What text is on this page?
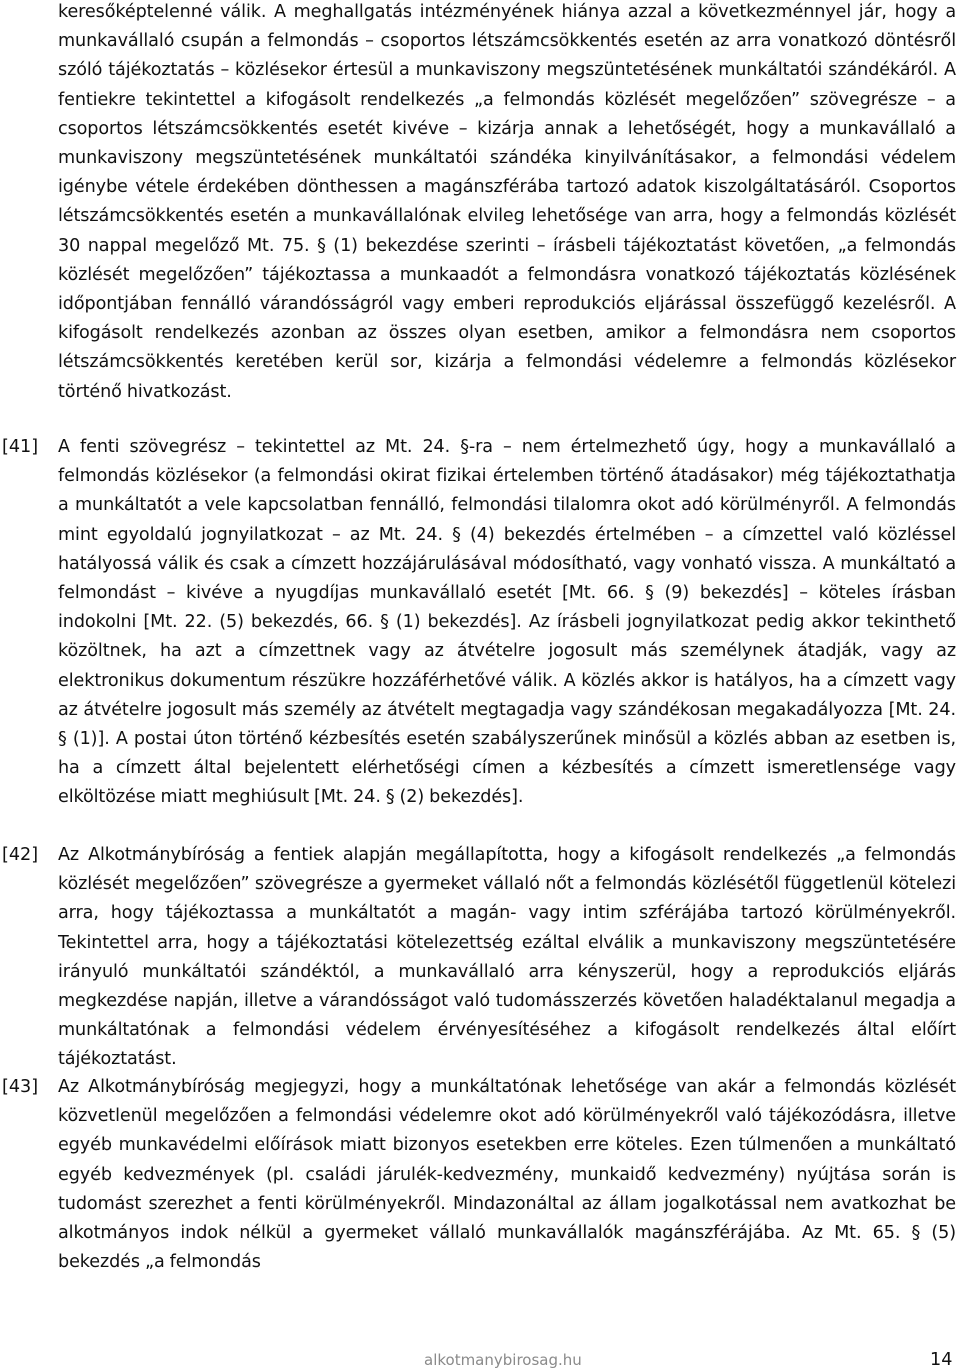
keresőképtelenné válik. A meghallgatás intézményének hiánya azzal a következménnyel jár, hogy a munkavállaló csupán a felmondás – csoportos létszámcsökkentés esetén az arra vonatkozó döntésről szóló tájékoztatás – közlésekor értesül a munkaviszony megszüntetésének munkáltatói szándékáról. A fentiekre tekintettel a kifogásolt rendelkezés „a felmondás közlését megelőzően” szövegrésze – a csoportos létszámcsökkentés esetét kivéve – kizárja annak a lehetőségét, hogy a munkavállaló a munkaviszony megszüntetésének munkáltatói szándéka kinyilvánításakor, a felmondási védelem igénybe vétele érdekében dönthessen a magánszférába tartozó adatok kiszolgáltatásáról. Csoportos létszámcsökkentés esetén a munkavállalónak elvileg lehetősége van arra, hogy a felmondás közlését 30 nappal megelőző Mt. 75. § (1) bekezdése szerinti – írásbeli tájékoztatást követően, „a felmondás közlését megelőzően” tájékoztassa a munkaadót a felmondásra vonatkozó tájékoztatás közlésének időpontjában fennálló várandósságról vagy emberi reprodukciós eljárással összefüggő kezelésről. A kifogásolt rendelkezés azonban az összes olyan esetben, amikor a felmondásra nem csoportos létszámcsökkentés keretében kerül sor, kizárja a felmondási védelemre a felmondás közlésekor történő hivatkozást.
[41] A fenti szövegrész – tekintettel az Mt. 24. §-ra – nem értelmezhető úgy, hogy a munkavállaló a felmondás közlésekor (a felmondási okirat fizikai értelemben történő átadásakor) még tájékoztathatja a munkáltatót a vele kapcsolatban fennálló, felmondási tilalomra okot adó körülményről. A felmondás mint egyoldalú jognyilatkozat – az Mt. 24. § (4) bekezdés értelmében – a címzettel való közléssel hatályossá válik és csak a címzett hozzájárulásával módosítható, vagy vonható vissza. A munkáltató a felmondást – kivéve a nyugdíjas munkavállaló esetét [Mt. 66. § (9) bekezdés] – köteles írásban indokolni [Mt. 22. (5) bekezdés, 66. § (1) bekezdés]. Az írásbeli jognyilatkozat pedig akkor tekinthető közöltnek, ha azt a címzettnek vagy az átvételre jogosult más személynek átadják, vagy az elektronikus dokumentum részükre hozzáférhetővé válik. A közlés akkor is hatályos, ha a címzett vagy az átvételre jogosult más személy az átvételt megtagadja vagy szándékosan megakadályozza [Mt. 24. § (1)]. A postai úton történő kézbesítés esetén szabályszerűnek minősül a közlés abban az esetben is, ha a címzett által bejelentett elérhetőségi címen a kézbesítés a címzett ismeretlensége vagy elköltözése miatt meghiúsult [Mt. 24. § (2) bekezdés].
[42] Az Alkotmánybíróság a fentiek alapján megállapította, hogy a kifogásolt rendelkezés „a felmondás közlését megelőzően” szövegrésze a gyermeket vállaló nőt a felmondás közlésétől függetlenül kötelezi arra, hogy tájékoztassa a munkáltatót a magán- vagy intim szférájába tartozó körülményekről. Tekintettel arra, hogy a tájékoztatási kötelezettség ezáltal elválik a munkaviszony megszüntetésére irányuló munkáltatói szándéktól, a munkavállaló arra kényszerül, hogy a reprodukciós eljárás megkezdése napján, illetve a várandósságot való tudomásszerzés követően haladéktalanul megadja a munkáltatónak a felmondási védelem érvényesítéséhez a kifogásolt rendelkezés által előírt tájékoztatást.
[43] Az Alkotmánybíróság megjegyzi, hogy a munkáltatónak lehetősége van akár a felmondás közlését közvetlenül megelőzően a felmondási védelemre okot adó körülményekről való tájékozódásra, illetve egyéb munkavédelmi előírások miatt bizonyos esetekben erre köteles. Ezen túlmenően a munkáltató egyéb kedvezmények (pl. családi járulék-kedvezmény, munkaidő kedvezmény) nyújtása során is tudomást szerezhet a fenti körülményekről. Mindazonáltal az állam jogalkotással nem avatkozhat be alkotmányos indok nélkül a gyermeket vállaló munkavállalók magánszférájába. Az Mt. 65. § (5) bekezdés „a felmondás
alkotmanybirosag.hu	14
